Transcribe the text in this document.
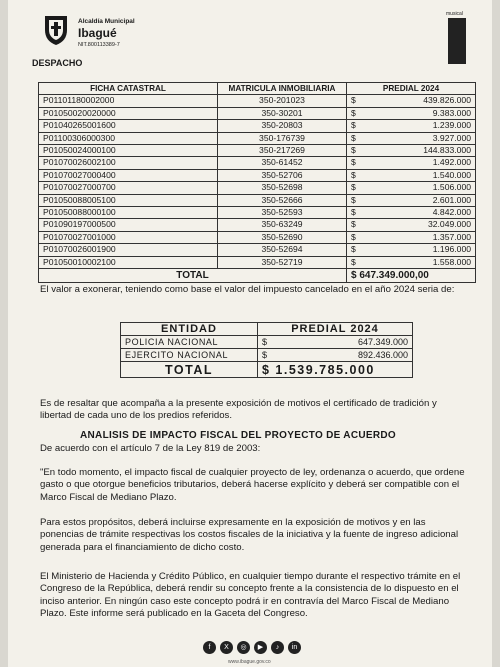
Alcaldía Municipal
Ibagué
NIT.800113389-7
DESPACHO
musical
FICHA CATASTRAL	MATRICULA INMOBILIARIA	PREDIAL 2024	
P01101180002000	350-201023	$	439.826.000
P01050020020000	350-30201	$	9.383.000
P01040265001600	350-20803	$	1.239.000
P01100306000300	350-176739	$	3.927.000
P01050024000100	350-217269	$	144.833.000
P01070026002100	350-61452	$	1.492.000
P01070027000400	350-52706	$	1.540.000
P01070027000700	350-52698	$	1.506.000
P01050088005100	350-52666	$	2.601.000
P01050088000100	350-52593	$	4.842.000
P01090197000500	350-63249	$	32.049.000
P01070027001000	350-52690	$	1.357.000
P01070026001900	350-52694	$	1.196.000
P01050010002100	350-52719	$	1.558.000
TOTAL		$ 647.349.000,00	
El valor a exonerar, teniendo como base el valor del impuesto cancelado en el año 2024 seria de:
ENTIDAD	PREDIAL 2024	
POLICIA NACIONAL	$	647.349.000
EJERCITO NACIONAL	$	892.436.000
TOTAL	$ 1.539.785.000	
Es de resaltar que acompaña a la presente exposición de motivos el certificado de tradición y libertad de cada uno de los predios referidos.
ANALISIS DE IMPACTO FISCAL DEL PROYECTO DE ACUERDO
De acuerdo con el artículo 7 de la Ley 819 de 2003:
"En todo momento, el impacto fiscal de cualquier proyecto de ley, ordenanza o acuerdo, que ordene gasto o que otorgue beneficios tributarios, deberá hacerse explícito y deberá ser compatible con el Marco Fiscal de Mediano Plazo.
Para estos propósitos, deberá incluirse expresamente en la exposición de motivos y en las ponencias de trámite respectivas los costos fiscales de la iniciativa y la fuente de ingreso adicional generada para el financiamiento de dicho costo.
El Ministerio de Hacienda y Crédito Público, en cualquier tiempo durante el respectivo trámite en el Congreso de la República, deberá rendir su concepto frente a la consistencia de lo dispuesto en el inciso anterior. En ningún caso este concepto podrá ir en contravía del Marco Fiscal de Mediano Plazo. Este informe será publicado en la Gaceta del Congreso.
f	X	◎	▶	♪	in
www.ibague.gov.co
